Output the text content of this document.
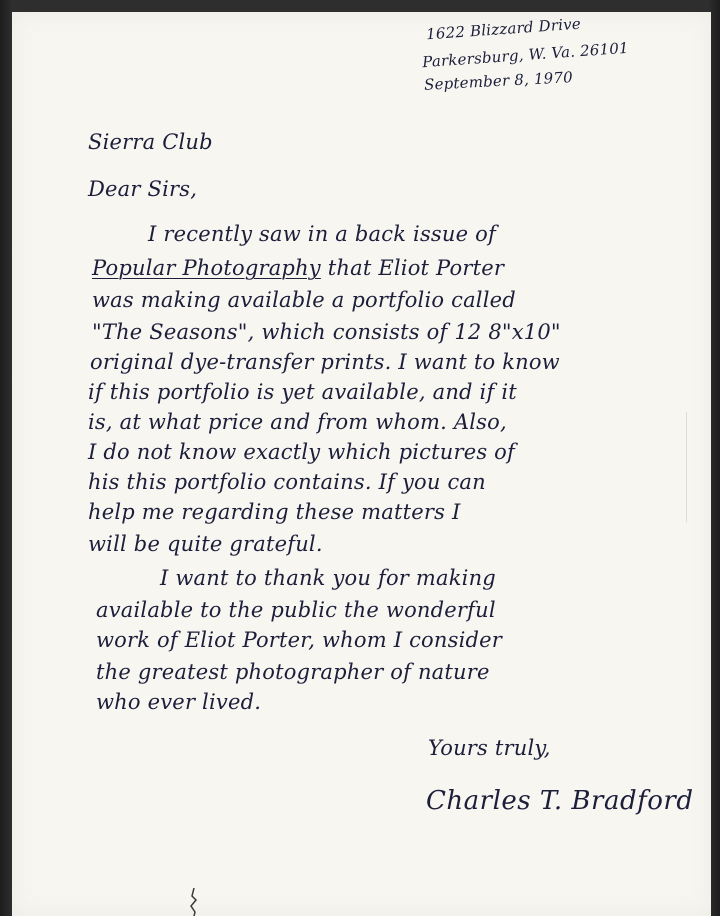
1622 Blizzard Drive

Parkersburg, W. Va. 26101

September 8, 1970

Sierra Club

Dear Sirs,

I recently saw in a back issue of

Popular Photography that Eliot Porter

was making available a portfolio called

"The Seasons", which consists of 12 8"x10"

original dye-transfer prints. I want to know

if this portfolio is yet available, and if it

is, at what price and from whom. Also,

I do not know exactly which pictures of

his this portfolio contains. If you can

help me regarding these matters I

will be quite grateful.

I want to thank you for making

available to the public the wonderful

work of Eliot Porter, whom I consider

the greatest photographer of nature

who ever lived.

Yours truly,

Charles T. Bradford
